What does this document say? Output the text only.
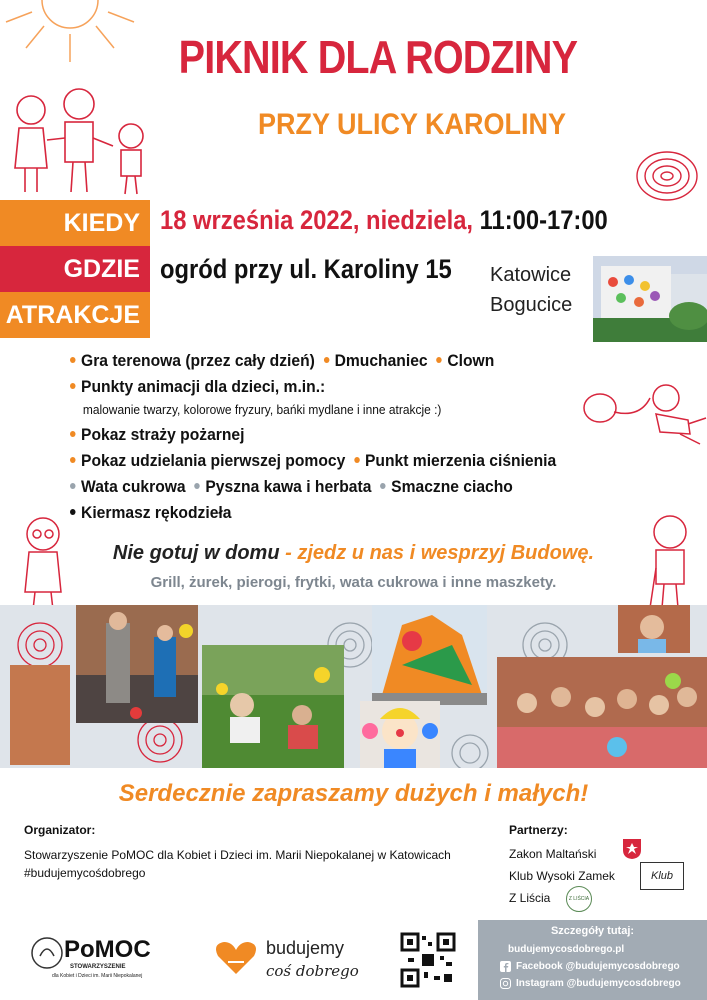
PIKNIK DLA RODZINY
PRZY ULICY KAROLINY
KIEDY
GDZIE
ATRAKCJE
18 września 2022, niedziela, 11:00-17:00
ogród przy ul. Karoliny 15 Katowice
Bogucice
Gra terenowa (przez cały dzień) Dmuchaniec Clown
Punkty animacji dla dzieci, m.in.:
malowanie twarzy, kolorowe fryzury, bańki mydlane i inne atrakcje :)
Pokaz straży pożarnej
Pokaz udzielania pierwszej pomocy Punkt mierzenia ciśnienia
Wata cukrowa Pyszna kawa i herbata Smaczne ciacho
Kiermasz rękodzieła
Nie gotuj w domu - zjedz u nas i wesprzyj Budowę.
Grill, żurek, pierogi, frytki, wata cukrowa i inne maszkety.
Serdecznie zapraszamy dużych i małych!
Organizator:
Stowarzyszenie PoMOC dla Kobiet i Dzieci im. Marii Niepokalanej w Katowicach
#budujemycośdobrego
Partnerzy:
Zakon Maltański
Klub Wysoki Zamek
Z Liścia
Klub
Z LIŚCIA
PoMOC
STOWARZYSZENIE
dla Kobiet i Dzieci im. Marii Niepokalanej
budujemy
coś dobrego
Szczegóły tutaj:
budujemycosdobrego.pl
Facebook @budujemycosdobrego
Instagram @budujemycosdobrego
